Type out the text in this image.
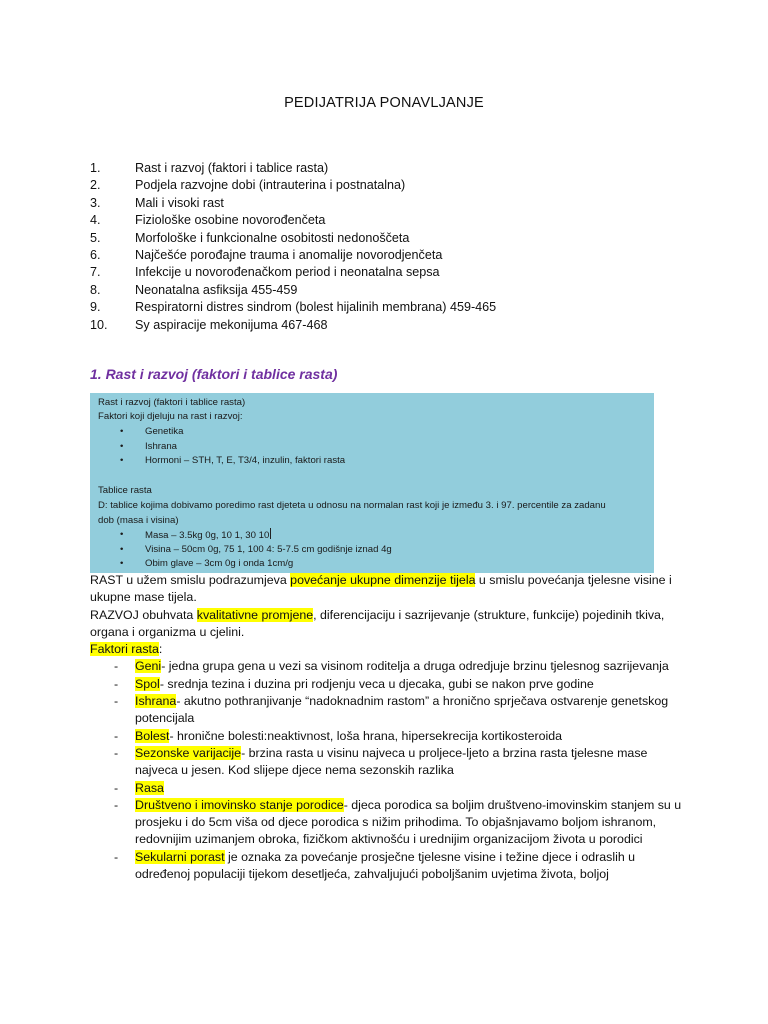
PEDIJATRIJA PONAVLJANJE
1.	Rast i razvoj (faktori i tablice rasta)
2.	Podjela razvojne dobi (intrauterina i postnatalna)
3.	Mali i visoki rast
4.	Fiziološke osobine novorođenčeta
5.	Morfološke i funkcionalne osobitosti nedonoščeta
6.	Najčešće porođajne trauma i anomalije novorodjenčeta
7.	Infekcije u novorođenačkom period i neonatalna sepsa
8.	Neonatalna asfiksija 455-459
9.	Respiratorni distres sindrom (bolest hijalinih membrana) 459-465
10. Sy aspiracije mekonijuma 467-468
1. Rast i razvoj (faktori i tablice rasta)
Rast i razvoj (faktori i tablice rasta)
Faktori koji djeluju na rast i razvoj:
• Genetika
• Ishrana
• Hormoni – STH, T, E, T3/4, inzulin, faktori rasta
Tablice rasta
D: tablice kojima dobivamo poredimo rast djeteta u odnosu na normalan rast koji je između 3. i 97. percentile za zadanu
dob (masa i visina)
• Masa – 3.5kg 0g, 10 1, 30 10
• Visina – 50cm 0g, 75 1, 100 4: 5-7.5 cm godišnje iznad 4g
• Obim glave – 3cm 0g i onda 1cm/g

RAST u užem smislu podrazumjeva povećanje ukupne dimenzije tijela u smislu povećanja tjelesne visine i ukupne mase tijela.

RAZVOJ obuhvata kvalitativne promjene, diferencijaciju i sazrijevanje (strukture, funkcije) pojedinih tkiva, organa i organizma u cjelini.

Faktori rasta:

- Geni- jedna grupa gena u vezi sa visinom roditelja a druga odredjuje brzinu tjelesnog sazrijevanja
- Spol- srednja tezina i duzina pri rodjenju veca u djecaka, gubi se nakon prve godine
- Ishrana- akutno pothranjivanje “nadoknadnim rastom” a hronično sprječava ostvarenje genetskog potencijala
- Bolest- hronične bolesti:neaktivnost, loša hrana, hipersekrecija kortikosteroida
- Sezonske varijacije- brzina rasta u visinu najveca u proljece-ljeto a brzina rasta tjelesne mase najveca u jesen. Kod slijepe djece nema sezonskih razlika
- Rasa
- Društveno i imovinsko stanje porodice- djeca porodica sa boljim društveno-imovinskim stanjem su u prosjeku i do 5cm viša od djece porodica s nižim prihodima. To objašnjavamo boljom ishranom, redovnijim uzimanjem obroka, fizičkom aktivnošću i urednijim organizacijom života u porodici
- Sekularni porast je oznaka za povećanje prosječne tjelesne visine i težine djece i odraslih u određenoj populaciji tijekom desetljeća, zahvaljujući poboljšanim uvjetima života, boljoj
